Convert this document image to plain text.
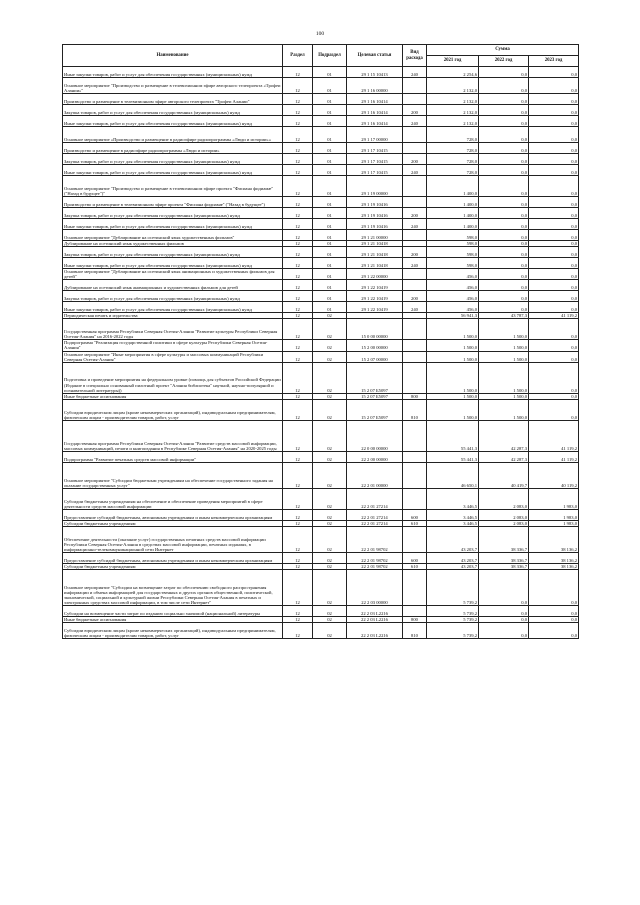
100
Наименование	Раздел	Подраздел	Целевая статья	Вид расхода	Сумма		
					2021 год	2022 год	2023 год
Иные закупки товаров, работ и услуг для обеспечения государственных (муниципальных) нужд	12	01	29 1 15 10413	240	2 254,6	0,0	0,0
Основное мероприятие "Производство и размещение в телевизионном эфире авторского телепроекта «Трофеи Алании»"	12	01	29 1 16 00000		2 132,0	0,0	0,0
Производство и размещение в телевизионном эфире авторского телепроекта "Трофеи Алании"	12	01	29 1 16 10414		2 132,0	0,0	0,0
Закупка товаров, работ и услуг для обеспечения государственных (муниципальных) нужд	12	01	29 1 16 10414	200	2 132,0	0,0	0,0
Иные закупки товаров, работ и услуг для обеспечения государственных (муниципальных) нужд	12	01	29 1 16 10414	240	2 132,0	0,0	0,0
Основное мероприятие «Производство и размещение в радиоэфире радиопрограммы «Люди и истории»»	12	01	29 1 17 00000		728,0	0,0	0,0
Производство и размещение в радиоэфире радиопрограммы «Люди и истории»	12	01	29 1 17 10415		728,0	0,0	0,0
Закупка товаров, работ и услуг для обеспечения государственных (муниципальных) нужд	12	01	29 1 17 10415	200	728,0	0,0	0,0
Иные закупки товаров, работ и услуг для обеспечения государственных (муниципальных) нужд	12	01	29 1 17 10415	240	728,0	0,0	0,0
Основное мероприятие "Производство и размещение в телевизионном эфире проекта "Фисиана фидиамæ" ("Назад в будущее")"	12	01	29 1 19 00000		1 400,0	0,0	0,0
Производство и размещение в телевизионном эфире проекта "Фисиана фидиамæ" ("Назад в будущее")	12	01	29 1 19 10416		1 400,0	0,0	0,0
Закупка товаров, работ и услуг для обеспечения государственных (муниципальных) нужд	12	01	29 1 19 10416	200	1 400,0	0,0	0,0
Иные закупки товаров, работ и услуг для обеспечения государственных (муниципальных) нужд	12	01	29 1 19 10416	240	1 400,0	0,0	0,0
Основное мероприятие "Дублирование на осетинский язык художественных фильмов"	12	01	29 1 21 00000		598,0	0,0	0,0
Дублирование на осетинский язык художественных фильмов	12	01	29 1 21 10418		598,0	0,0	0,0
Закупка товаров, работ и услуг для обеспечения государственных (муниципальных) нужд	12	01	29 1 21 10418	200	598,0	0,0	0,0
Иные закупки товаров, работ и услуг для обеспечения государственных (муниципальных) нужд	12	01	29 1 21 10418	240	598,0	0,0	0,0
Основное мероприятие "Дублирование на осетинский язык анимационных и художественных фильмов для детей"	12	01	29 1 22 00000		456,0	0,0	0,0
Дублирование на осетинский язык анимационных и художественных фильмов для детей	12	01	29 1 22 10419		456,0	0,0	0,0
Закупка товаров, работ и услуг для обеспечения государственных (муниципальных) нужд	12	01	29 1 22 10419	200	456,0	0,0	0,0
Иные закупки товаров, работ и услуг для обеспечения государственных (муниципальных) нужд	12	01	29 1 22 10419	240	456,0	0,0	0,0
Периодическая печать и издательства	12	02			56 941,3	43 787,3	41 119,2
Государственная программа Республики Северная Осетия-Алания "Развитие культуры Республики Северная Осетия-Алания" на 2016-2022 годы	12	02	15 0 00 00000		1 500,0	1 500,0	0,0
Подпрограмма "Реализация государственной политики в сфере культуры Республики Северная Осетия-Алания"	12	02	15 2 00 00000		1 500,0	1 500,0	0,0
Основное мероприятие "Иные мероприятия в сфере культуры и массовых коммуникаций Республики Северная Осетия-Алания"	12	02	15 2 07 00000		1 500,0	1 500,0	0,0
Подготовка и проведение мероприятия на федеральном уровне (помощь для субъектов Российской Федерации (Издание в специально основанный пилотный проект "Алания библиотека" научной, научно-популярной и познавательной литературы))	12	02	15 2 07 Б5097		1 500,0	1 500,0	0,0
Иные бюджетные ассигнования	12	02	15 2 07 Б5097	800	1 500,0	1 500,0	0,0
Субсидии юридическим лицам (кроме некоммерческих организаций), индивидуальным предпринимателям, физическим лицам - производителям товаров, работ, услуг	12	02	15 2 07 Б5097	810	1 500,0	1 500,0	0,0
Государственная программа Республики Северная Осетия-Алания "Развитие средств массовой информации, массовых коммуникаций, печати и книгоиздания в Республике Северная Осетия-Алания" на 2020-2025 годы	12	02	22 0 00 00000		55 441,3	42 287,3	41 119,2
Подпрограмма "Развитие печатных средств массовой информации"	12	02	22 2 00 00000		55 441,3	42 287,3	41 119,2
Основное мероприятие "Субсидии бюджетным учреждениям на обеспечение государственного задания на оказание государственных услуг"	12	02	22 2 01 00000		46 650,1	40 419,7	40 119,2
Субсидии бюджетным учреждениям на обеспечение и обеспечение проведения мероприятий в сфере деятельности средств массовой информации	12	02	22 2 01 27214		3 446,5	2 083,0	1 983,0
Предоставление субсидий бюджетным, автономным учреждениям и иным некоммерческим организациям	12	02	22 2 01 27214	600	3 446,5	2 083,0	1 983,0
Субсидии бюджетным учреждениям	12	02	22 2 01 27214	610	3 446,5	2 083,0	1 983,0
Обеспечение деятельности (оказание услуг) государственных печатных средств массовой информации Республики Северная Осетия-Алания в средствах массовой информации, печатных изданиях, в информационно-телекоммуникационной сети Интернет	12	02	22 2 01 98702		43 203,7	38 336,7	38 136,2
Предоставление субсидий бюджетным, автономным учреждениям и иным некоммерческим организациям	12	02	22 2 01 98702	600	43 203,7	38 336,7	38 136,2
Субсидии бюджетным учреждениям	12	02	22 2 01 98702	610	43 203,7	38 336,7	38 136,2
Основное мероприятие "Субсидии на возмещение затрат по обеспечению свободного распространения информации и обмена информацией для государственных и других органов общественной, политической, экономической, социальной и культурной жизни Республики Северная Осетия-Алания в печатных и электронных средствах массовой информации, в том числе сети Интернет"	12	02	22 2 03 00000		5 739,2	0,0	0,0
Субсидии на возмещение части затрат по изданию социально значимой (национальной) литературы	12	02	22 2 03 L2216		5 739,2	0,0	0,0
Иные бюджетные ассигнования	12	02	22 2 03 L2216	800	5 739,2	0,0	0,0
Субсидии юридическим лицам (кроме некоммерческих организаций), индивидуальным предпринимателям, физическим лицам - производителям товаров, работ, услуг	12	02	22 2 03 L2216	810	5 739,2	0,0	0,0
